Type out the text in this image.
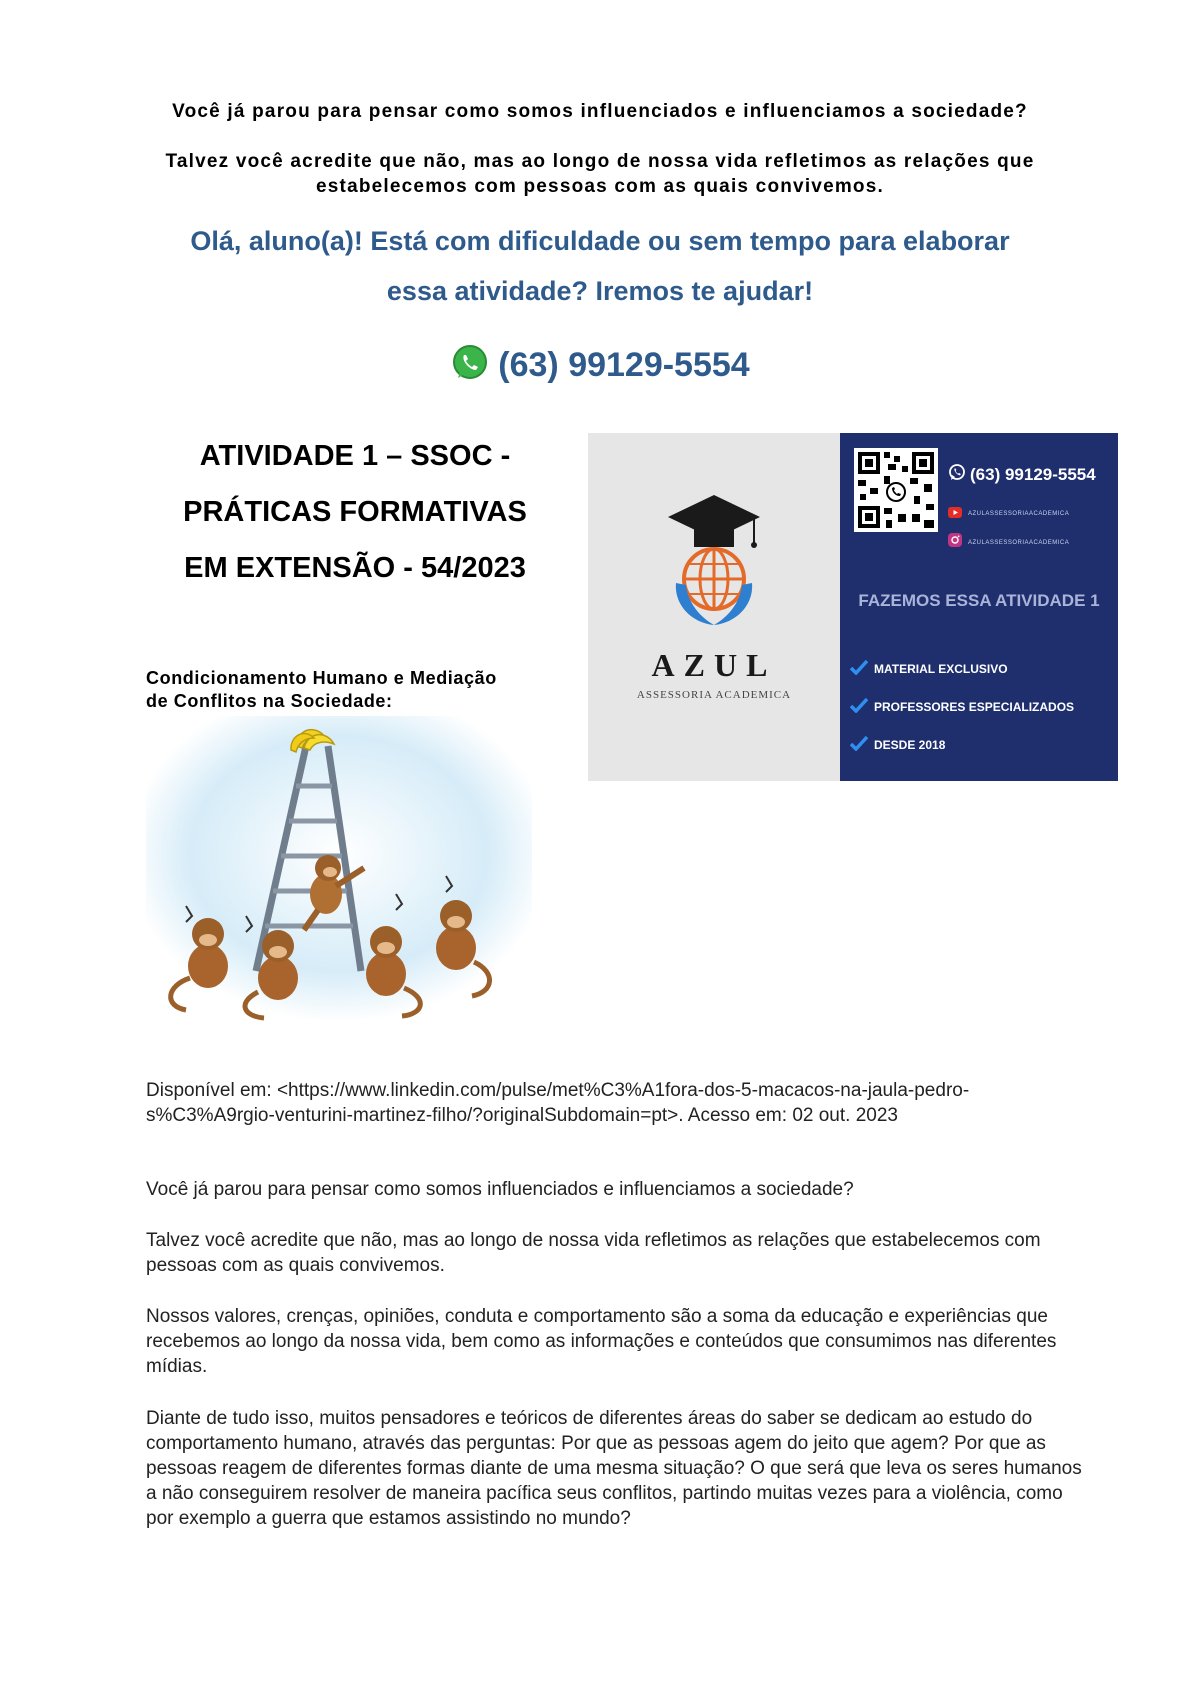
Você já parou para pensar como somos influenciados e influenciamos a sociedade?
Talvez você acredite que não, mas ao longo de nossa vida refletimos as relações que
estabelecemos com pessoas com as quais convivemos.
Olá, aluno(a)! Está com dificuldade ou sem tempo para elaborar
essa atividade? Iremos te ajudar!
(63) 99129-5554
ATIVIDADE 1 – SSOC -
PRÁTICAS FORMATIVAS
EM EXTENSÃO - 54/2023
AZUL
ASSESSORIA ACADEMICA
(63) 99129-5554
AZULASSESSORIAACADEMICA
AZULASSESSORIAACADEMICA
FAZEMOS ESSA ATIVIDADE 1
MATERIAL EXCLUSIVO
PROFESSORES ESPECIALIZADOS
DESDE 2018
Condicionamento Humano e Mediação
de Conflitos na Sociedade:
Disponível em: <https://www.linkedin.com/pulse/met%C3%A1fora-dos-5-macacos-na-jaula-pedro-s%C3%A9rgio-venturini-martinez-filho/?originalSubdomain=pt>. Acesso em: 02 out. 2023
Você já parou para pensar como somos influenciados e influenciamos a sociedade?
Talvez você acredite que não, mas ao longo de nossa vida refletimos as relações que estabelecemos com pessoas com as quais convivemos.
Nossos valores, crenças, opiniões, conduta e comportamento são a soma da educação e experiências que recebemos ao longo da nossa vida, bem como as informações e conteúdos que consumimos nas diferentes mídias.
Diante de tudo isso, muitos pensadores e teóricos de diferentes áreas do saber se dedicam ao estudo do comportamento humano, através das perguntas: Por que as pessoas agem do jeito que agem? Por que as pessoas reagem de diferentes formas diante de uma mesma situação? O que será que leva os seres humanos a não conseguirem resolver de maneira pacífica seus conflitos, partindo muitas vezes para a violência, como por exemplo a guerra que estamos assistindo no mundo?
